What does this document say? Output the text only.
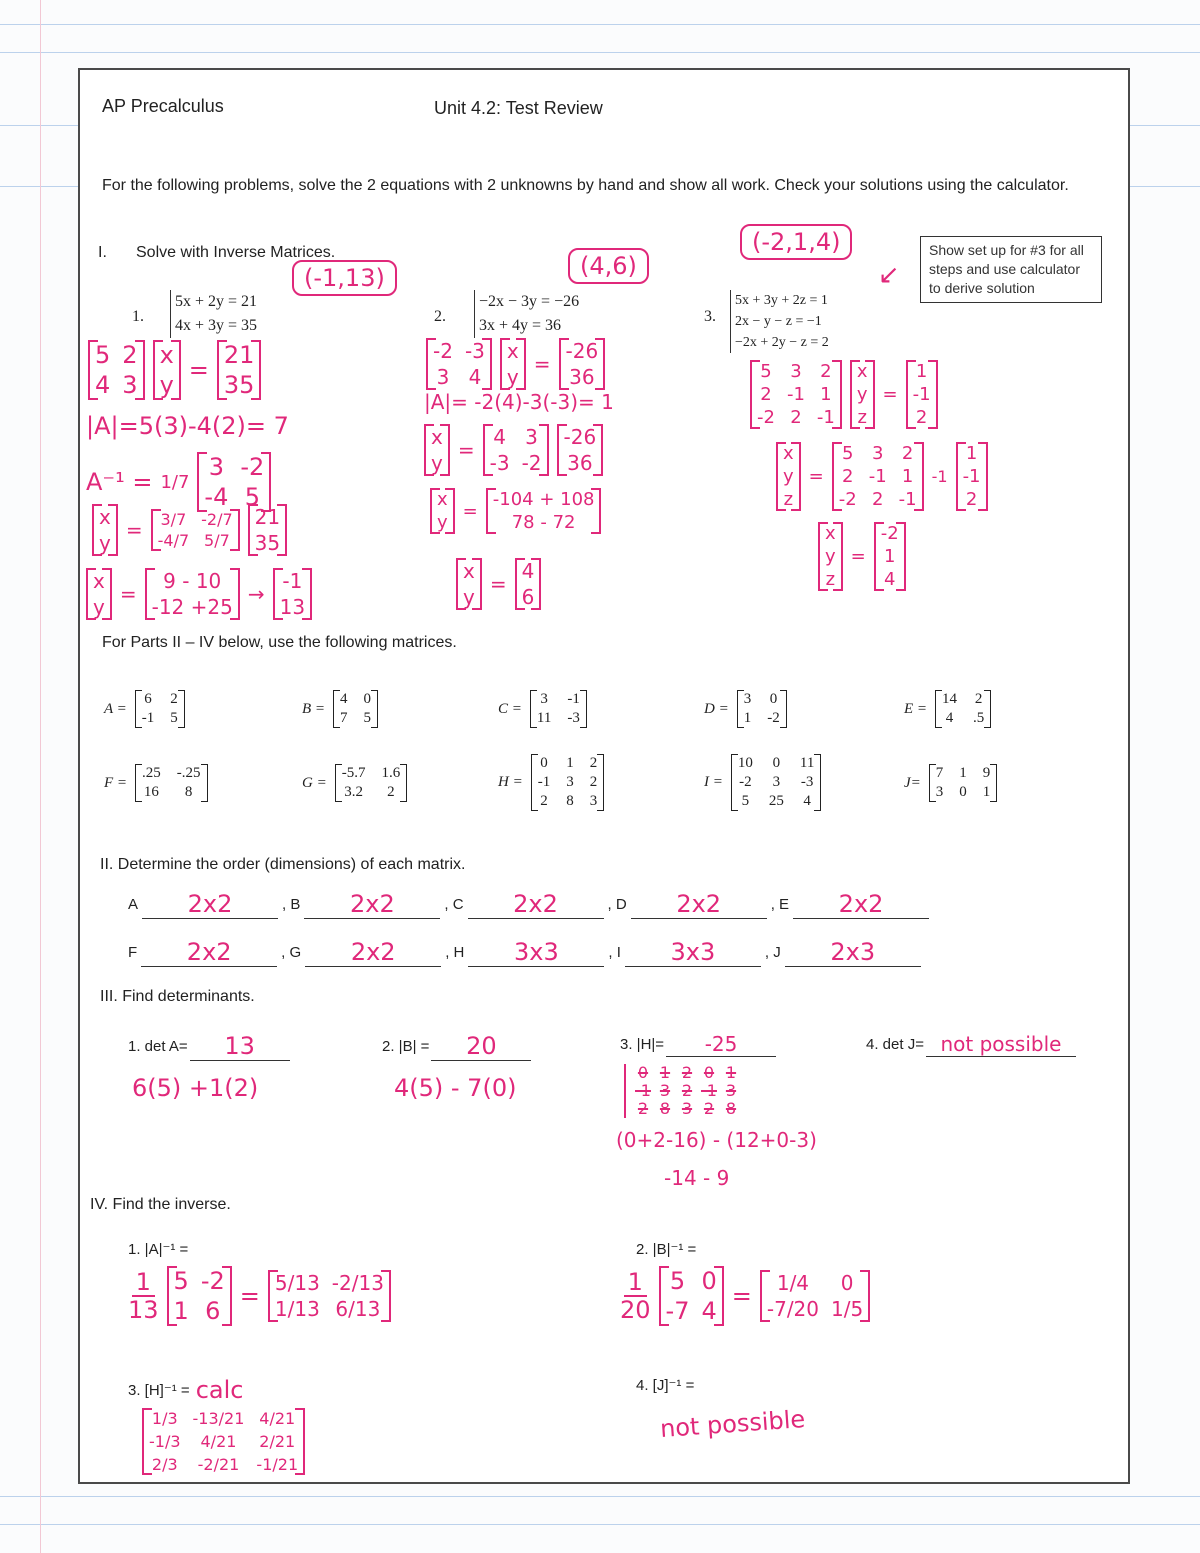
AP Precalculus	Unit 4.2: Test Review
For the following problems, solve the 2 equations with 2 unknowns by hand and show all work. Check your solutions using the calculator.
I. Solve with Inverse Matrices.	Show set up for #3 for all steps and use calculator to derive solution
↙
(-1,13)
1.
5x + 2y = 21
4x + 3y = 35
5 2
4 3
x
y
=
21
35
|A|=5(3)-4(2)= 7
A⁻¹ = 1/7
3 -2
-4 5
x
y
= 3/7 -2/7
-4/7 5/7
21
35
x
y
=
9 - 10
-12 +25
→
-1
13
(4,6)
2.
−2x − 3y = −26
3x + 4y = 36
-2 -3
3 4
x
y
=
-26
36
|A|= -2(4)-3(-3)= 1
x
y
=
4 3
-3 -2
-26
36
x
y
=
-104 + 108
78 - 72
x
y
=
4
6
(-2,1,4)
3.
5x + 3y + 2z = 1
2x − y − z = −1
−2x + 2y − z = 2
5 3 2
2 -1 1
-2 2 -1
x
y
z
=
1
-1
2
x
y
z
=
5 3 2
2 -1 1
-2 2 -1
-1
1
-1
2
x
y
z
=
-2
1
4
For Parts II – IV below, use the following matrices.
A =
6 2
-1 5
B =
4 0
7 5
C =
3 -1
11 -3
D =
3 0
1 -2
E =
14 2
4 .5
F =
.25 -.25
16	8
G =
-5.7 1.6
3.2	2
H =
0 1 2
-1 3 2
2 8 3
I =
10 0 11
-2 3 -3
5 25 4
J=
7 1 9
3 0 1
II. Determine the order (dimensions) of each matrix.
A	2x2	, B	2x2	, C	2x2	, D	2x2	, E	2x2
F	2x2	, G	2x2	, H	3x3	, I	3x3	, J	2x3
III. Find determinants.
1. det A=	13
6(5) +1(2)
2. |B| =	20
4(5) - 7(0)
3. |H|=	-25
0 1 2 0 1
-1 3 2 -1 3
2 8 3 2 8
(0+2-16) - (12+0-3)
-14 - 9
4. det J= not possible
IV. Find the inverse.
1. |A|⁻¹ =
$\frac{1}{13} 5$ -2
1 6
= 5/13 -2/13
1/13 6/13
2. |B|⁻¹ =
$\frac{1}{20} 5$ 0
-7 4
=	1/4	0
-7/20 1/5
3. [H]⁻¹ = calc
1/3 -13/21 4/21
-1/3	4/21	2/21
2/3	-2/21	-1/21
4. [J]⁻¹ =
not possible
